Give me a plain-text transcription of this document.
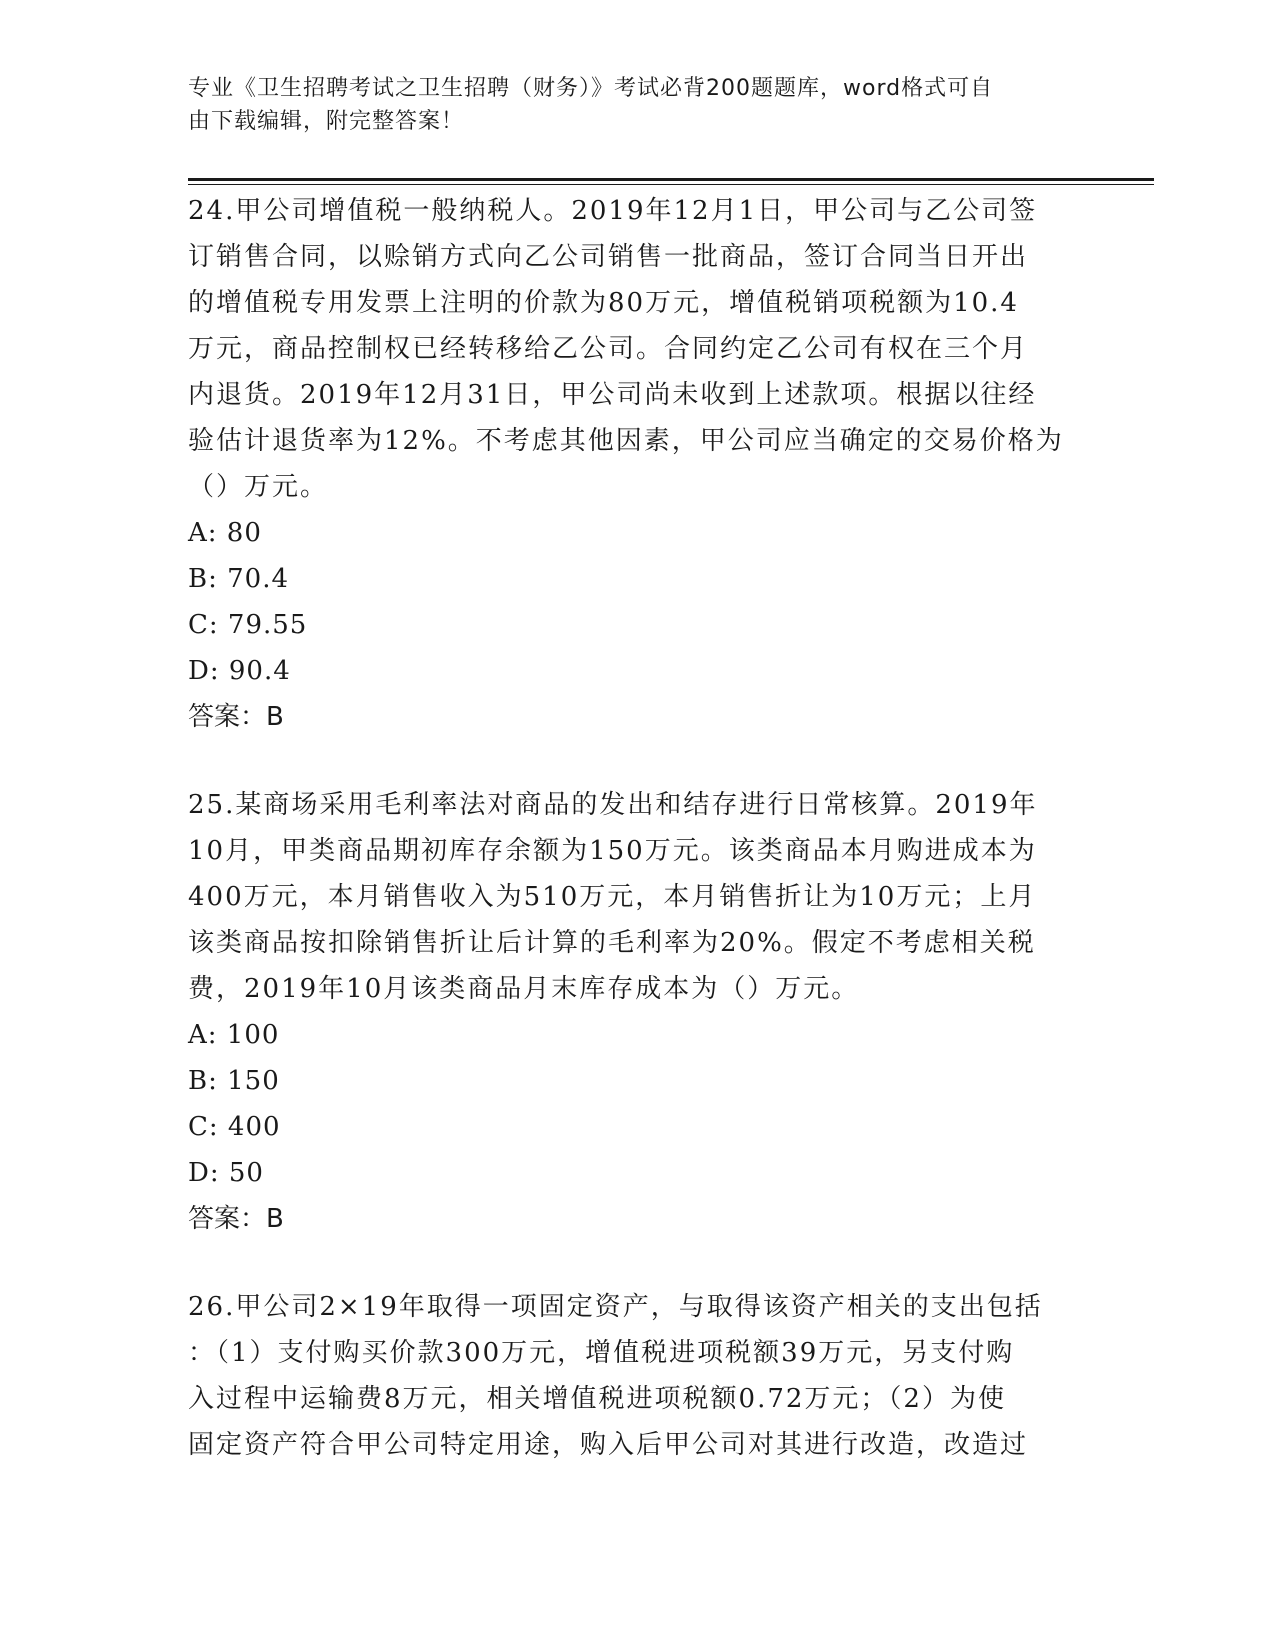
专业《卫生招聘考试之卫生招聘（财务）》考试必背200题题库，word格式可自
由下载编辑，附完整答案！

24.甲公司增值税一般纳税人。2019年12月1日，甲公司与乙公司签

订销售合同，以赊销方式向乙公司销售一批商品，签订合同当日开出

的增值税专用发票上注明的价款为80万元，增值税销项税额为10.4

万元，商品控制权已经转移给乙公司。合同约定乙公司有权在三个月

内退货。2019年12月31日，甲公司尚未收到上述款项。根据以往经

验估计退货率为12%。不考虑其他因素，甲公司应当确定的交易价格为

（）万元。

A: 80

B: 70.4

C: 79.55

D: 90.4

答案：B

25.某商场采用毛利率法对商品的发出和结存进行日常核算。2019年

10月，甲类商品期初库存余额为150万元。该类商品本月购进成本为

400万元，本月销售收入为510万元，本月销售折让为10万元；上月

该类商品按扣除销售折让后计算的毛利率为20%。假定不考虑相关税

费，2019年10月该类商品月末库存成本为（）万元。

A: 100

B: 150

C: 400

D: 50

答案：B

26.甲公司2×19年取得一项固定资产，与取得该资产相关的支出包括

：（1）支付购买价款300万元，增值税进项税额39万元，另支付购

入过程中运输费8万元，相关增值税进项税额0.72万元；（2）为使

固定资产符合甲公司特定用途，购入后甲公司对其进行改造，改造过
